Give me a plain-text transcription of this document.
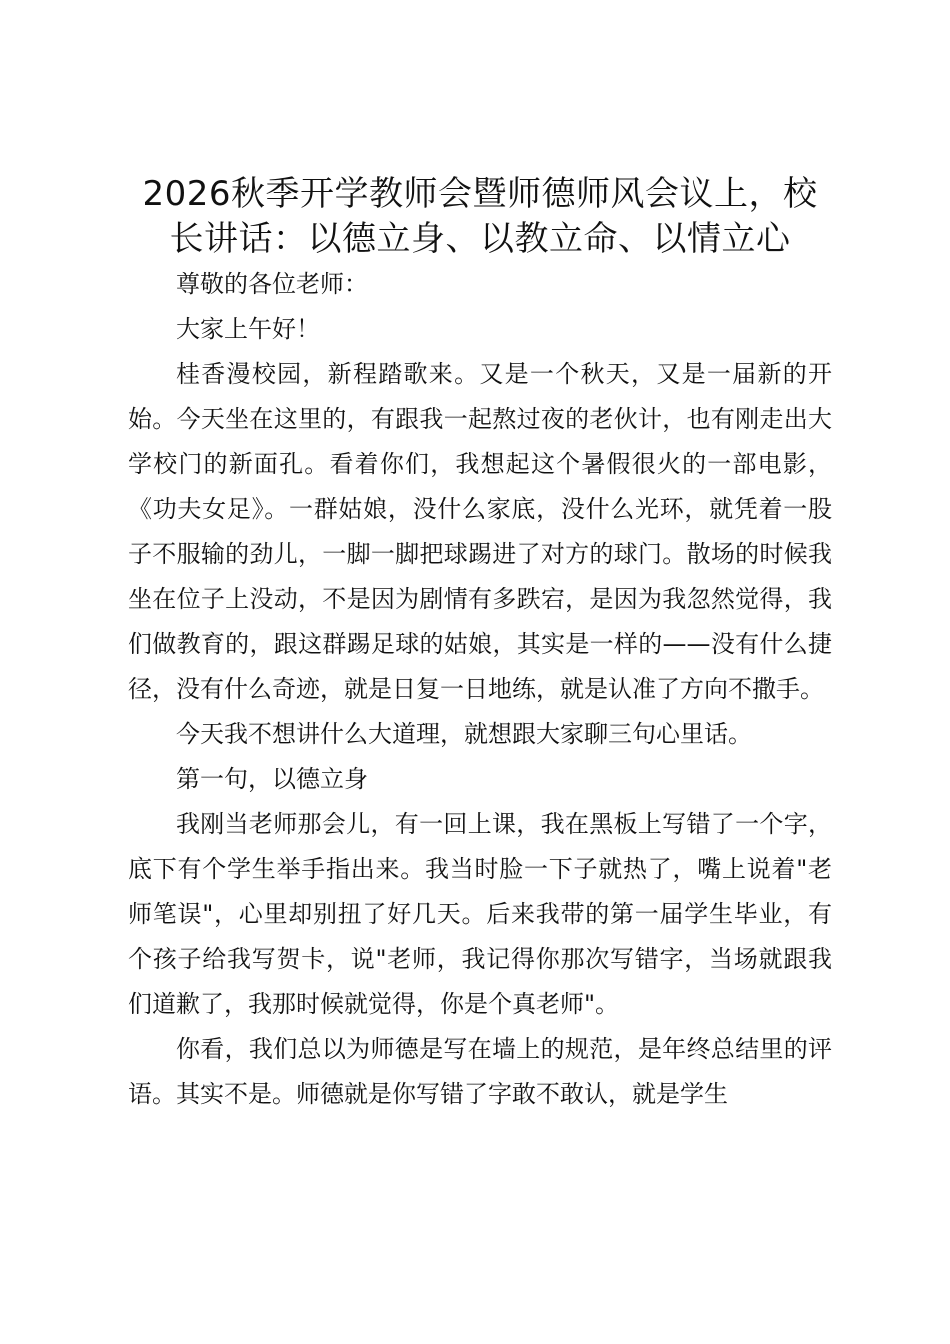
2026秋季开学教师会暨师德师风会议上，校
长讲话：以德立身、以教立命、以情立心

尊敬的各位老师：

大家上午好！

桂香漫校园，新程踏歌来。又是一个秋天，又是一届新的开始。今天坐在这里的，有跟我一起熬过夜的老伙计，也有刚走出大学校门的新面孔。看着你们，我想起这个暑假很火的一部电影，《功夫女足》。一群姑娘，没什么家底，没什么光环，就凭着一股子不服输的劲儿，一脚一脚把球踢进了对方的球门。散场的时候我坐在位子上没动，不是因为剧情有多跌宕，是因为我忽然觉得，我们做教育的，跟这群踢足球的姑娘，其实是一样的——没有什么捷径，没有什么奇迹，就是日复一日地练，就是认准了方向不撒手。

今天我不想讲什么大道理，就想跟大家聊三句心里话。

第一句，以德立身

我刚当老师那会儿，有一回上课，我在黑板上写错了一个字，底下有个学生举手指出来。我当时脸一下子就热了，嘴上说着"老师笔误"，心里却别扭了好几天。后来我带的第一届学生毕业，有个孩子给我写贺卡，说"老师，我记得你那次写错字，当场就跟我们道歉了，我那时候就觉得，你是个真老师"。

你看，我们总以为师德是写在墙上的规范，是年终总结里的评语。其实不是。师德就是你写错了字敢不敢认，就是学生
